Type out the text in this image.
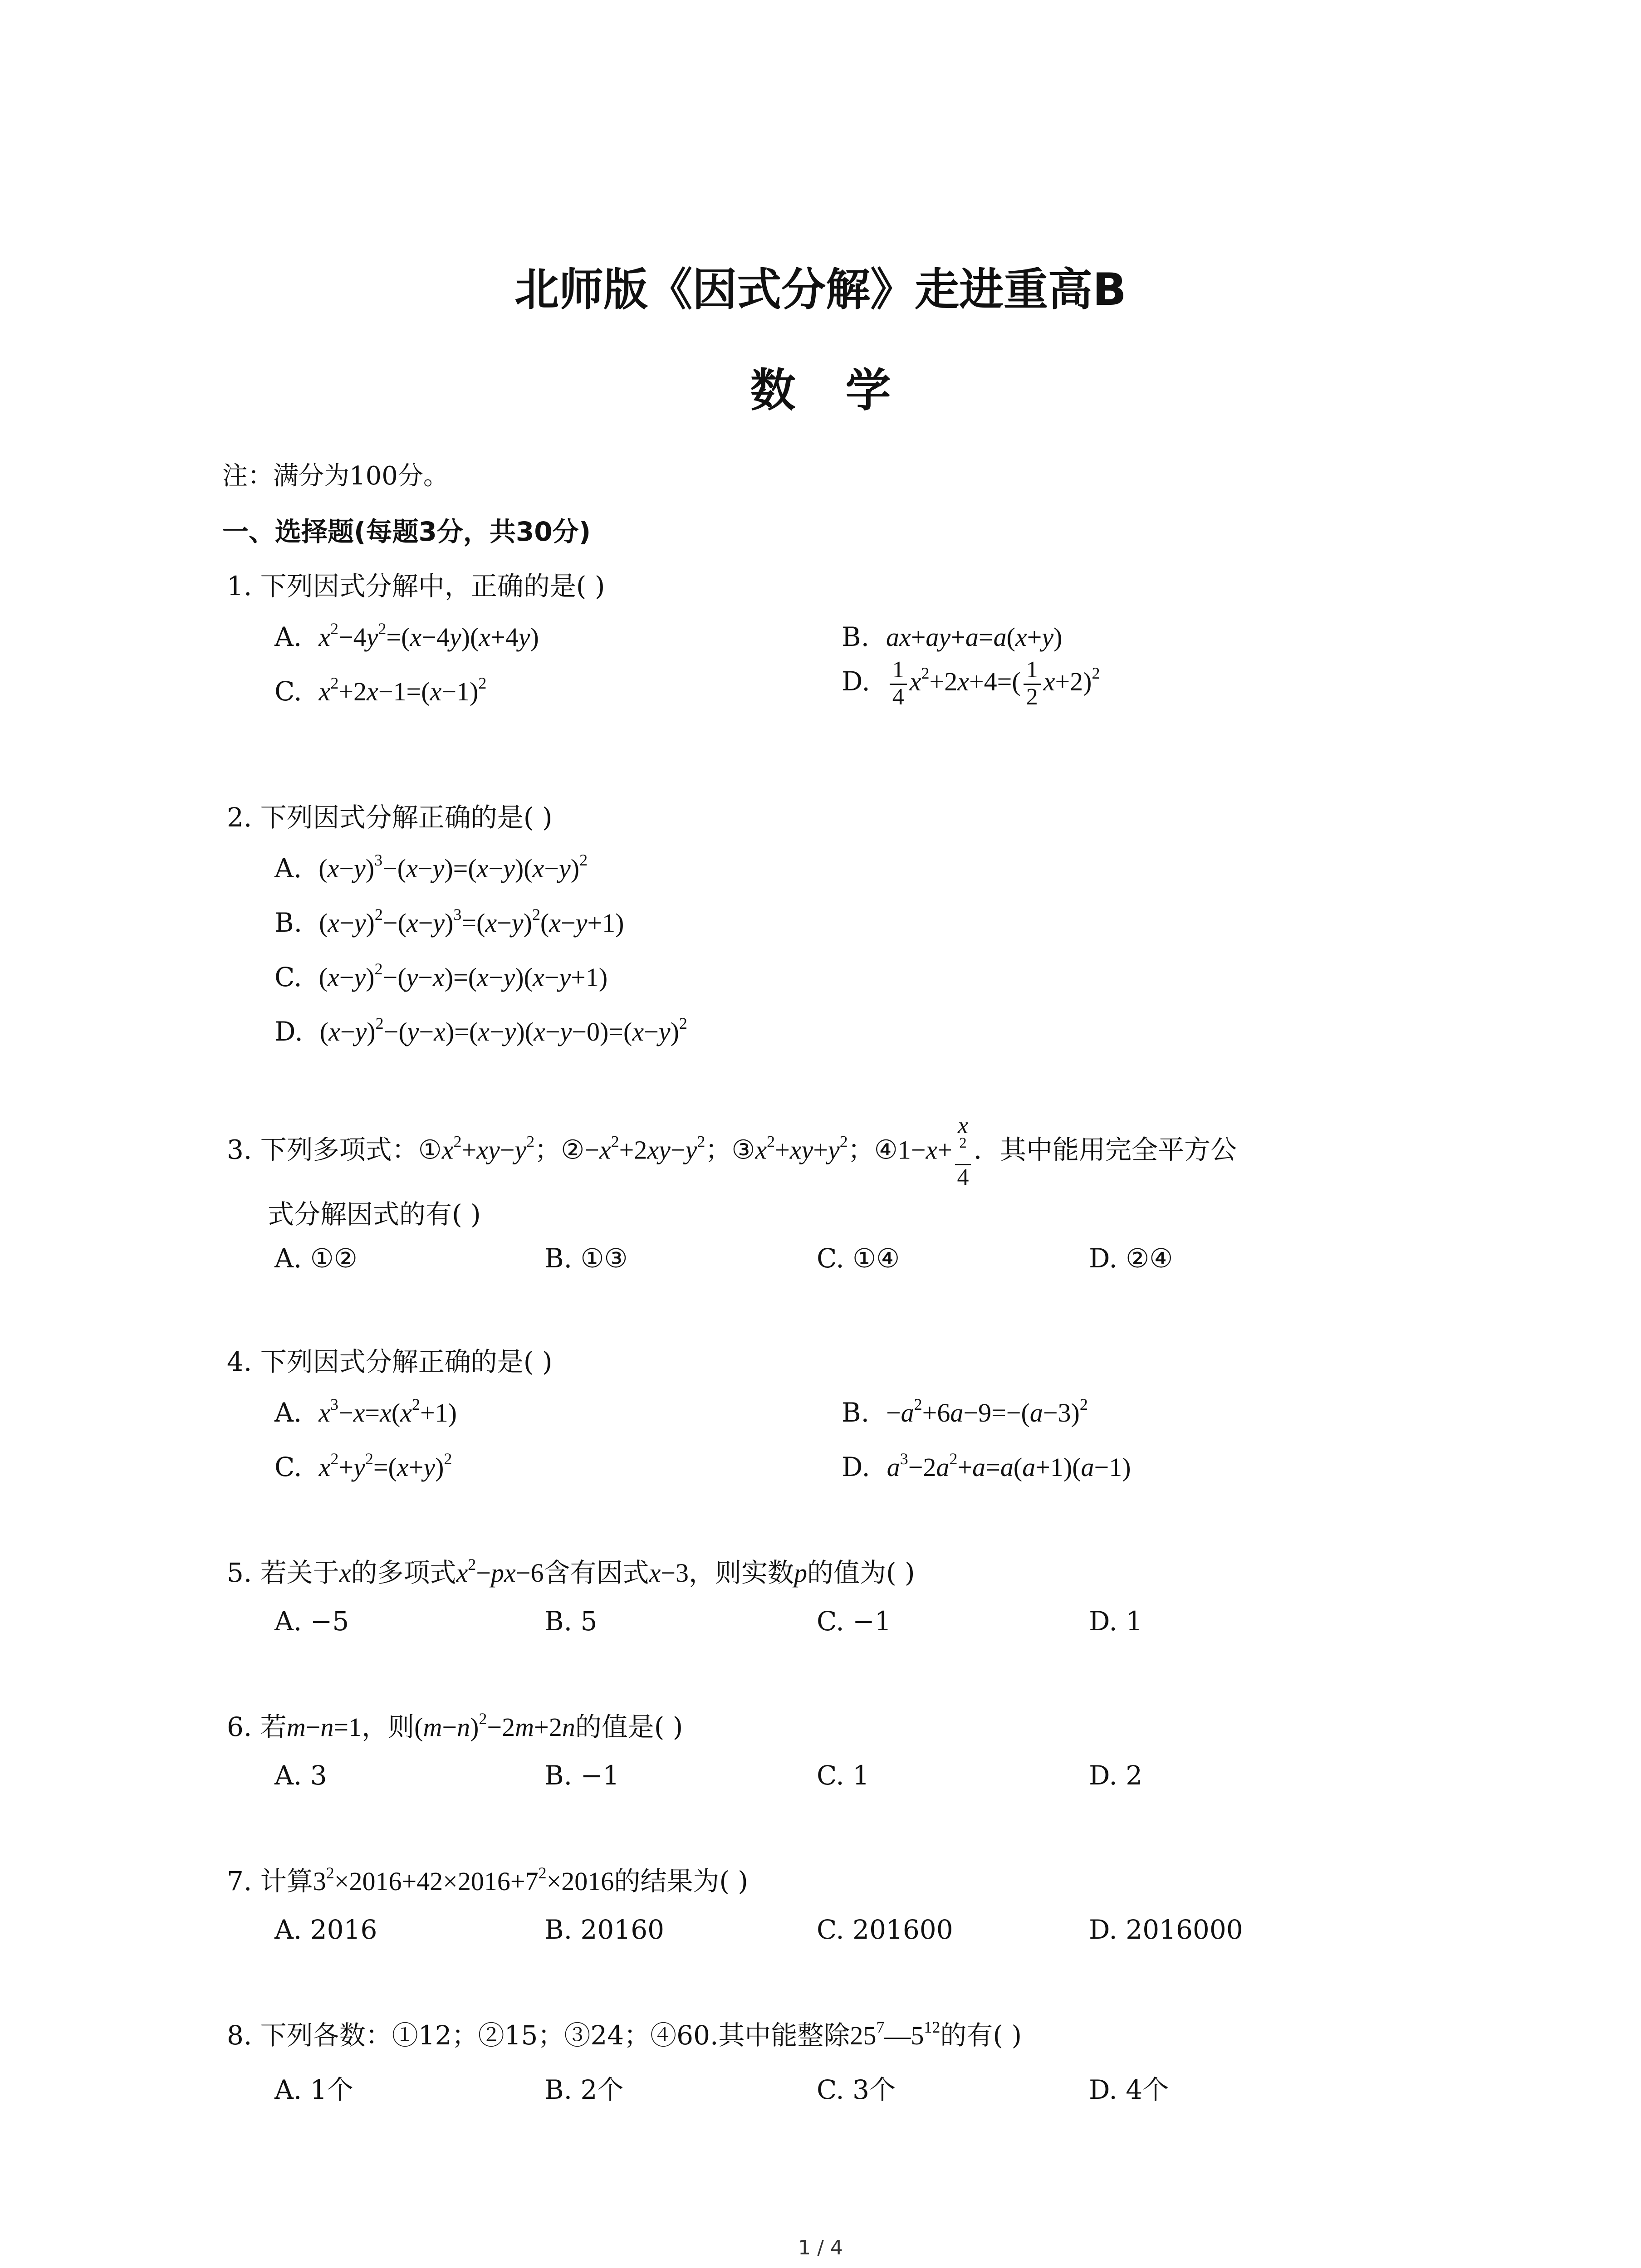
北师版《因式分解》走进重高B
数学
注：满分为100分。
一、选择题(每题3分，共30分)
1. 下列因式分解中，正确的是( )
A. $x^2-4y^2=(x-4y)(x+4y)$	B. ax+ay+a=a(x+y)
C. $x^2+2x-1=(x-1)^2$	D. $\frac{1}{4} x^2+2x+4=( \frac{1}{2} x+2)^2$
2. 下列因式分解正确的是( )
A. $(x-y)^3-(x-y)=(x-y)(x-y)^2$
B. $(x-y)^2-(x-y)^3=(x-y)^2(x-y+1)$
C. $(x-y)^2-(y-x)=(x-y)(x-y+1)$
D. $(x-y)^2-(y-x)=(x-y)(x-y-0)=(x-y)^2$
3. 下列多项式：$①x^2+xy-y^2$；$②-x^2+2xy-y^2$；$③x^2+xy+y^2$；④1−x+ x
$^2$
4 ．其中能用完全平方公
式分解因式的有( )
A. ①②	B. ①③	C. ①④	D. ②④
4. 下列因式分解正确的是( )
A. $x^3-x=x(x^2+1)$	B. $-a^2+6a-9=-(a-3)^2$
C. $x^2+y^2=(x+y)^2$	D. $a^3-2a^2+a=a(a+1)(a-1)$
5. 若关于x的多项式$x^2-px-6$含有因式x−3，则实数p的值为( )
A. −5	B. 5	C. −1	D. 1
6. 若m−n=1，则$(m-n)^2-2m+2n$的值是( )
A. 3	B. −1	C. 1	D. 2
7. 计算$3^2\times 2016+42\times 2016+7^2\times 2016$的结果为( )
A. 2016	B. 20160	C. 201600	D. 2016000
8. 下列各数：①12；②15；③24；④60.其中能整除$25^7—5^{12}$的有( )
A. 1个	B. 2个	C. 3个	D. 4个
1 / 4
